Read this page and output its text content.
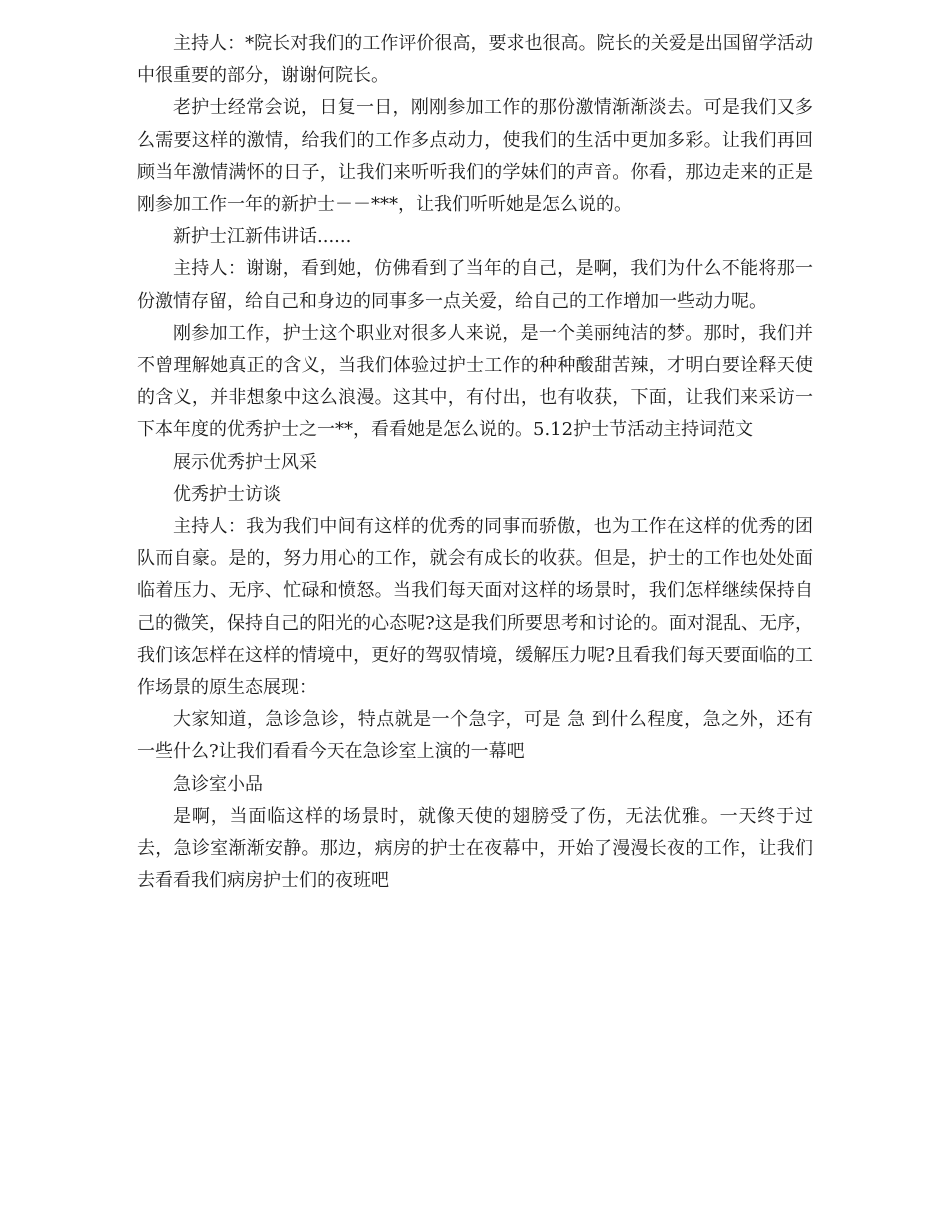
主持人：*院长对我们的工作评价很高，要求也很高。院长的关爱是出国留学活动中很重要的部分，谢谢何院长。

老护士经常会说，日复一日，刚刚参加工作的那份激情渐渐淡去。可是我们又多么需要这样的激情，给我们的工作多点动力，使我们的生活中更加多彩。让我们再回顾当年激情满怀的日子，让我们来听听我们的学妹们的声音。你看，那边走来的正是刚参加工作一年的新护士－－***，让我们听听她是怎么说的。

新护士江新伟讲话......

主持人：谢谢，看到她，仿佛看到了当年的自己，是啊，我们为什么不能将那一份激情存留，给自己和身边的同事多一点关爱，给自己的工作增加一些动力呢。

刚参加工作，护士这个职业对很多人来说，是一个美丽纯洁的梦。那时，我们并不曾理解她真正的含义，当我们体验过护士工作的种种酸甜苦辣，才明白要诠释天使 的含义，并非想象中这么浪漫。这其中，有付出，也有收获，下面，让我们来采访一下本年度的优秀护士之一**，看看她是怎么说的。5.12护士节活动主持词范文

展示优秀护士风采

优秀护士访谈

主持人：我为我们中间有这样的优秀的同事而骄傲，也为工作在这样的优秀的团队而自豪。是的，努力用心的工作，就会有成长的收获。但是，护士的工作也处处面临着压力、无序、忙碌和愤怒。当我们每天面对这样的场景时，我们怎样继续保持自己的微笑，保持自己的阳光的心态呢?这是我们所要思考和讨论的。面对混乱、无序，我们该怎样在这样的情境中，更好的驾驭情境，缓解压力呢?且看我们每天要面临的工作场景的原生态展现：

大家知道，急诊急诊，特点就是一个急字，可是 急 到什么程度，急之外，还有一些什么?让我们看看今天在急诊室上演的一幕吧

急诊室小品

是啊，当面临这样的场景时，就像天使的翅膀受了伤，无法优雅。一天终于过去，急诊室渐渐安静。那边，病房的护士在夜幕中，开始了漫漫长夜的工作，让我们去看看我们病房护士们的夜班吧
